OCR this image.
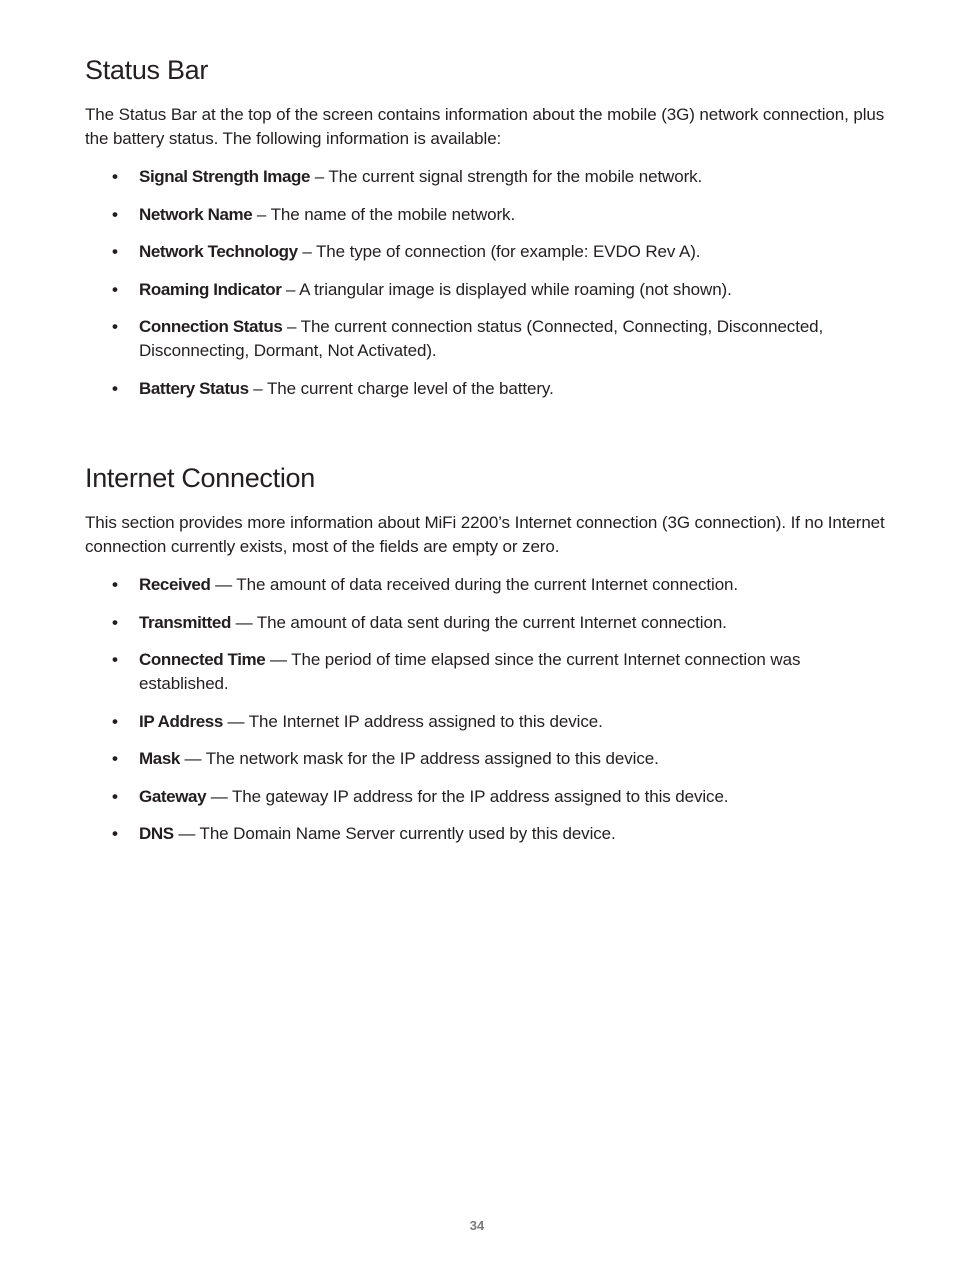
Status Bar

The Status Bar at the top of the screen contains information about the mobile (3G) network connection, plus the battery status. The following information is available:

• Signal Strength Image – The current signal strength for the mobile network.
• Network Name – The name of the mobile network.
• Network Technology – The type of connection (for example: EVDO Rev A).
• Roaming Indicator – A triangular image is displayed while roaming (not shown).
• Connection Status – The current connection status (Connected, Connecting, Disconnected, Disconnecting, Dormant, Not Activated).
• Battery Status – The current charge level of the battery.
Internet Connection

This section provides more information about MiFi 2200’s Internet connection (3G connection). If no Internet connection currently exists, most of the fields are empty or zero.

• Received — The amount of data received during the current Internet connection.
• Transmitted — The amount of data sent during the current Internet connection.
• Connected Time — The period of time elapsed since the current Internet connection was established.
• IP Address — The Internet IP address assigned to this device.
• Mask — The network mask for the IP address assigned to this device.
• Gateway — The gateway IP address for the IP address assigned to this device.
• DNS — The Domain Name Server currently used by this device.
34
